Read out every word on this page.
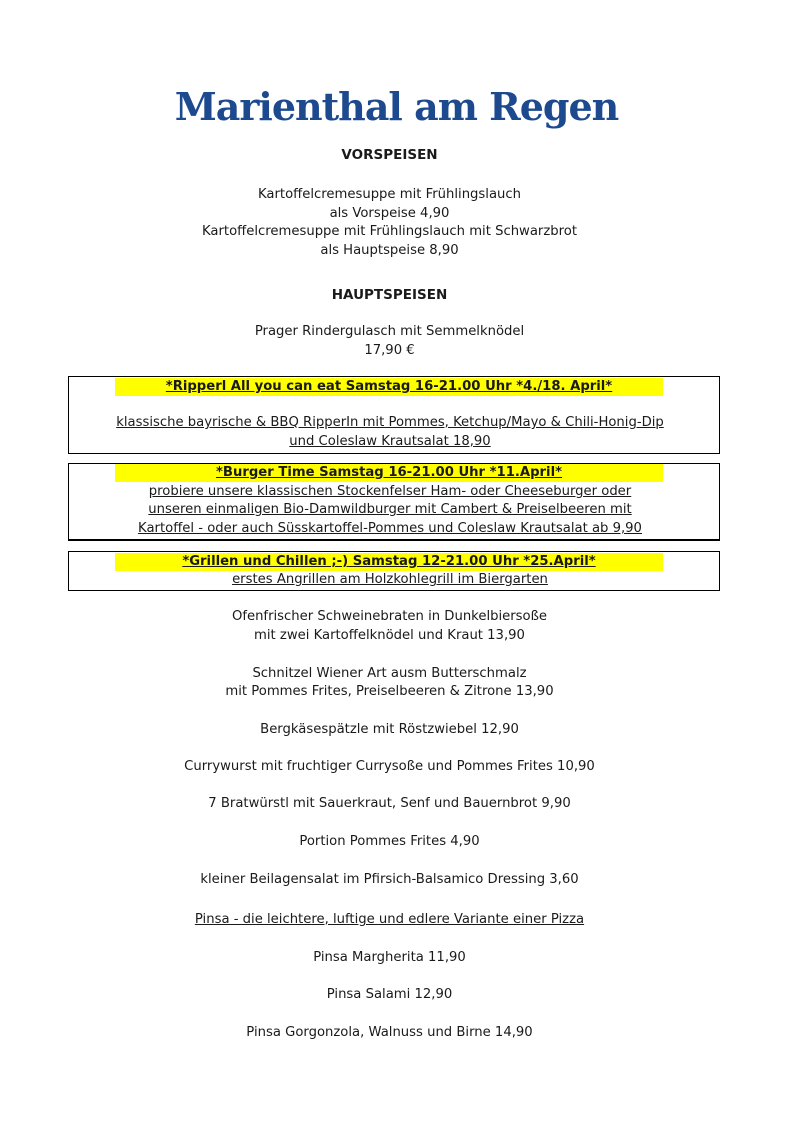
Marienthal am Regen
VORSPEISEN
Kartoffelcremesuppe mit Frühlingslauch
als Vorspeise 4,90
Kartoffelcremesuppe mit Frühlingslauch mit Schwarzbrot
als Hauptspeise 8,90
HAUPTSPEISEN
Prager Rindergulasch mit Semmelknödel
17,90 €
*Ripperl All you can eat Samstag 16-21.00 Uhr *4./18. April*
klassische bayrische & BBQ RipperIn mit Pommes, Ketchup/Mayo & Chili-Honig-Dip
und Coleslaw Krautsalat 18,90
*Burger Time Samstag 16-21.00 Uhr *11.April*
probiere unsere klassischen Stockenfelser Ham- oder Cheeseburger oder
unseren einmaligen Bio-Damwildburger mit Cambert & Preiselbeeren mit
Kartoffel - oder auch Süsskartoffel-Pommes und Coleslaw Krautsalat ab 9,90
*Grillen und Chillen ;-) Samstag 12-21.00 Uhr *25.April*
erstes Angrillen am Holzkohlegrill im Biergarten
Ofenfrischer Schweinebraten in Dunkelbiersoße
mit zwei Kartoffelknödel und Kraut 13,90
Schnitzel Wiener Art ausm Butterschmalz
mit Pommes Frites, Preiselbeeren & Zitrone 13,90
Bergkäsespätzle mit Röstzwiebel 12,90
Currywurst mit fruchtiger Currysoße und Pommes Frites 10,90
7 Bratwürstl mit Sauerkraut, Senf und Bauernbrot 9,90
Portion Pommes Frites 4,90
kleiner Beilagensalat im Pfirsich-Balsamico Dressing 3,60
Pinsa - die leichtere, luftige und edlere Variante einer Pizza
Pinsa Margherita 11,90
Pinsa Salami 12,90
Pinsa Gorgonzola, Walnuss und Birne 14,90
